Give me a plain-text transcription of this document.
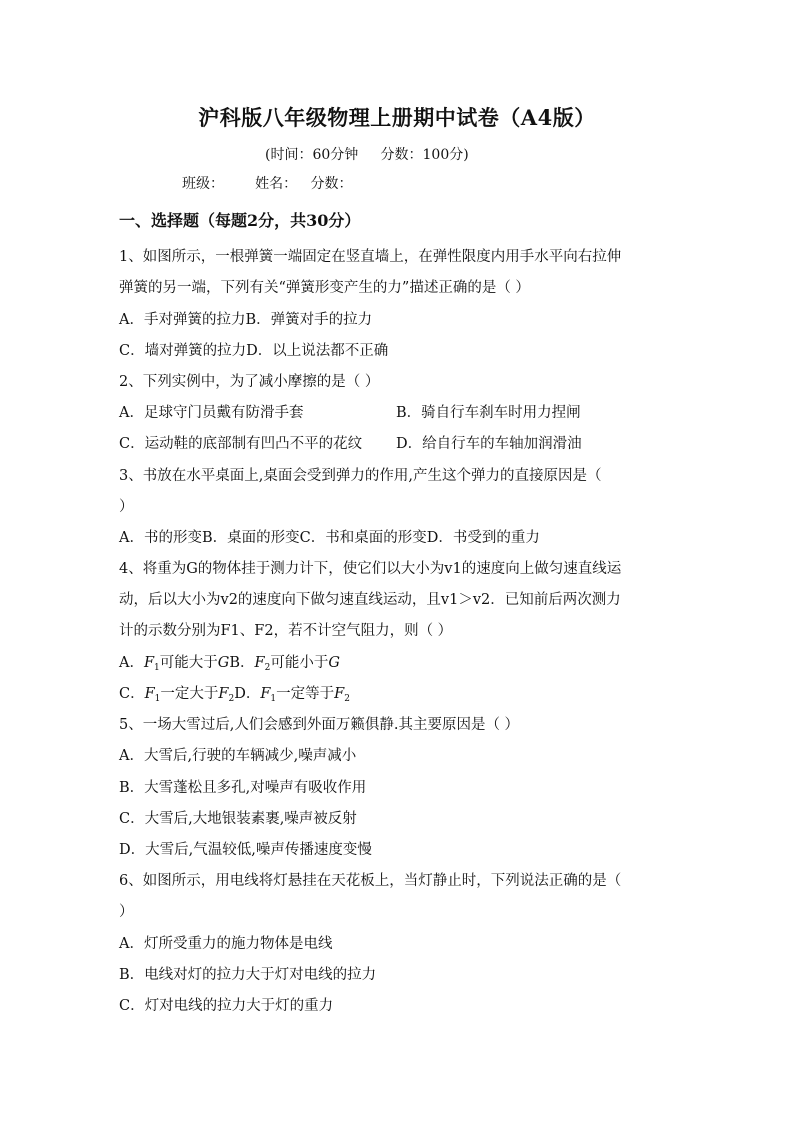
沪科版八年级物理上册期中试卷（A4版）
(时间：60分钟     分数：100分)
班级：       姓名：   分数：
一、选择题（每题2分，共30分）
1、如图所示，一根弹簧一端固定在竖直墙上，在弹性限度内用手水平向右拉伸
弹簧的另一端，下列有关“弹簧形变产生的力”描述正确的是（ ）
A．手对弹簧的拉力B．弹簧对手的拉力
C．墙对弹簧的拉力D．以上说法都不正确
2、下列实例中，为了减小摩擦的是（ ）
A．足球守门员戴有防滑手套	B．骑自行车刹车时用力捏闸
C．运动鞋的底部制有凹凸不平的花纹 D．给自行车的车轴加润滑油
3、书放在水平桌面上,桌面会受到弹力的作用,产生这个弹力的直接原因是（
）
A．书的形变B．桌面的形变C．书和桌面的形变D．书受到的重力
4、将重为G的物体挂于测力计下，使它们以大小为v1的速度向上做匀速直线运
动，后以大小为v2的速度向下做匀速直线运动，且v1＞v2．已知前后两次测力
计的示数分别为F1、F2，若不计空气阻力，则（ ）
A．$F_1$可能大于GB．$F_2$可能小于G
C．$F_1$一定大于$F_2D$．$F_1$一定等于$F_2$
5、一场大雪过后,人们会感到外面万籁俱静.其主要原因是（ ）
A．大雪后,行驶的车辆减少,噪声减小
B．大雪蓬松且多孔,对噪声有吸收作用
C．大雪后,大地银装素裹,噪声被反射
D．大雪后,气温较低,噪声传播速度变慢
6、如图所示，用电线将灯悬挂在天花板上，当灯静止时，下列说法正确的是（
）
A．灯所受重力的施力物体是电线
B．电线对灯的拉力大于灯对电线的拉力
C．灯对电线的拉力大于灯的重力
